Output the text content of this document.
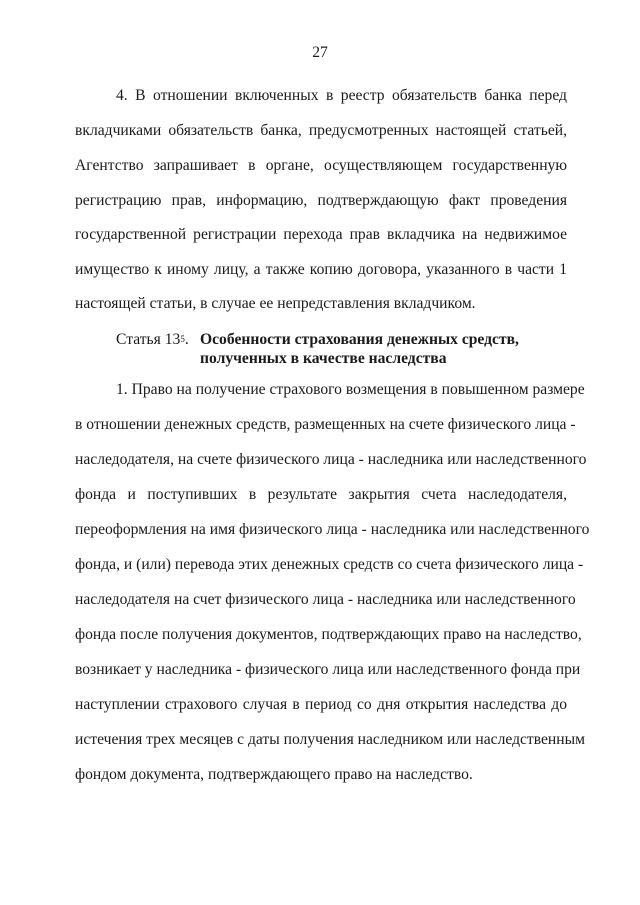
27
4. В отношении включенных в реестр обязательств банка перед
вкладчиками обязательств банка, предусмотренных настоящей статьей,
Агентство запрашивает в органе, осуществляющем государственную
регистрацию прав, информацию, подтверждающую факт проведения
государственной регистрации перехода прав вкладчика на недвижимое
имущество к иному лицу, а также копию договора, указанного в части 1
настоящей статьи, в случае ее непредставления вкладчиком.
Статья $13^5$. Особенности страхования денежных средств,
полученных в качестве наследства
1. Право на получение страхового возмещения в повышенном размере
в отношении денежных средств, размещенных на счете физического лица -
наследодателя, на счете физического лица - наследника или наследственного
фонда и поступивших в результате закрытия счета наследодателя,
переоформления на имя физического лица - наследника или наследственного
фонда, и (или) перевода этих денежных средств со счета физического лица -
наследодателя на счет физического лица - наследника или наследственного
фонда после получения документов, подтверждающих право на наследство,
возникает у наследника - физического лица или наследственного фонда при
наступлении страхового случая в период со дня открытия наследства до
истечения трех месяцев с даты получения наследником или наследственным
фондом документа, подтверждающего право на наследство.
